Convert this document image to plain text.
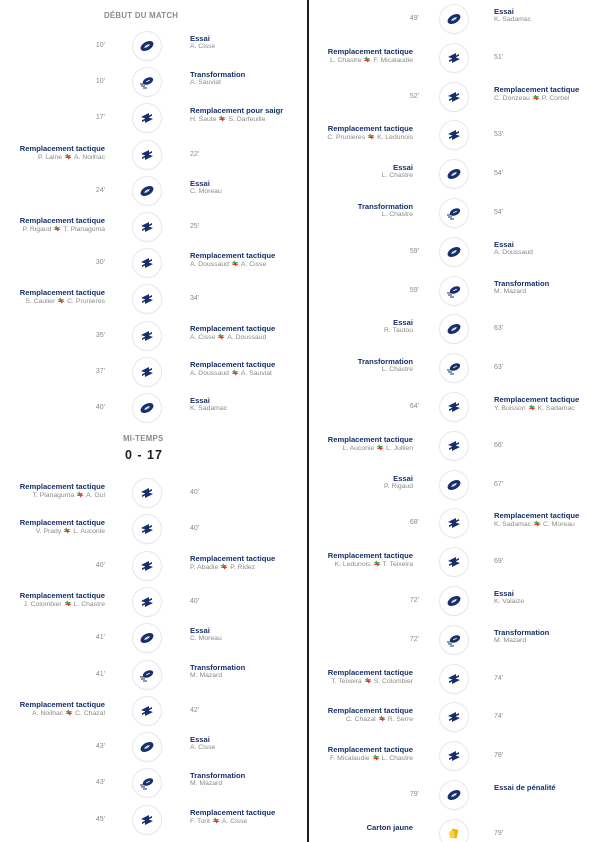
DÉBUT DU MATCH
10'
Essai
A. Cisse
10'
Transformation
A. Sauviat
17'
Remplacement pour saigr
H. Saute S. Darfeuille
22'
Remplacement tactique
P. Laine A. Noilhac
24'
Essai
C. Moreau
25'
Remplacement tactique
P. Rigaud T. Planaguma
30'
Remplacement tactique
A. Doussaud A. Cisse
34'
Remplacement tactique
S. Caulier C. Prunieres
35'
Remplacement tactique
A. Cisse A. Doussaud
37'
Remplacement tactique
A. Doussaud A. Sauviat
40'
Essai
K. Sadamac
MI-TEMPS
0 - 17
40'
Remplacement tactique
T. Planaguma A. Gul
40'
Remplacement tactique
V. Prady L. Auconie
40'
Remplacement tactique
P. Abadie P. Ridez
40'
Remplacement tactique
J. Colombier L. Chastre
41'
Essai
C. Moreau
41'
Transformation
M. Mazard
42'
Remplacement tactique
A. Noilhac C. Chazal
43'
Essai
A. Cisse
43'
Transformation
M. Mazard
45'
Remplacement tactique
F. Torit A. Cisse
49'
Essai
K. Sadamac
51'
Remplacement tactique
L. Chastre F. Micalaudie
52'
Remplacement tactique
C. Donzeau P. Corbel
53'
Remplacement tactique
C. Prunieres K. Ledunois
54'
Essai
L. Chastre
54'
Transformation
L. Chastre
59'
Essai
A. Doussaud
59'
Transformation
M. Mazard
63'
Essai
R. Tautou
63'
Transformation
L. Chastre
64'
Remplacement tactique
Y. Buisson K. Sadamac
66'
Remplacement tactique
L. Auconie L. Jullien
67'
Essai
P. Rigaud
68'
Remplacement tactique
K. Sadamac C. Moreau
69'
Remplacement tactique
K. Ledunois T. Teixeira
72'
Essai
K. Valaize
72'
Transformation
M. Mazard
74'
Remplacement tactique
T. Teixeira S. Colombier
74'
Remplacement tactique
C. Chazal R. Serre
78'
Remplacement tactique
F. Micalaudie L. Chastre
79'
Essai de pénalité
79'
Carton jaune
